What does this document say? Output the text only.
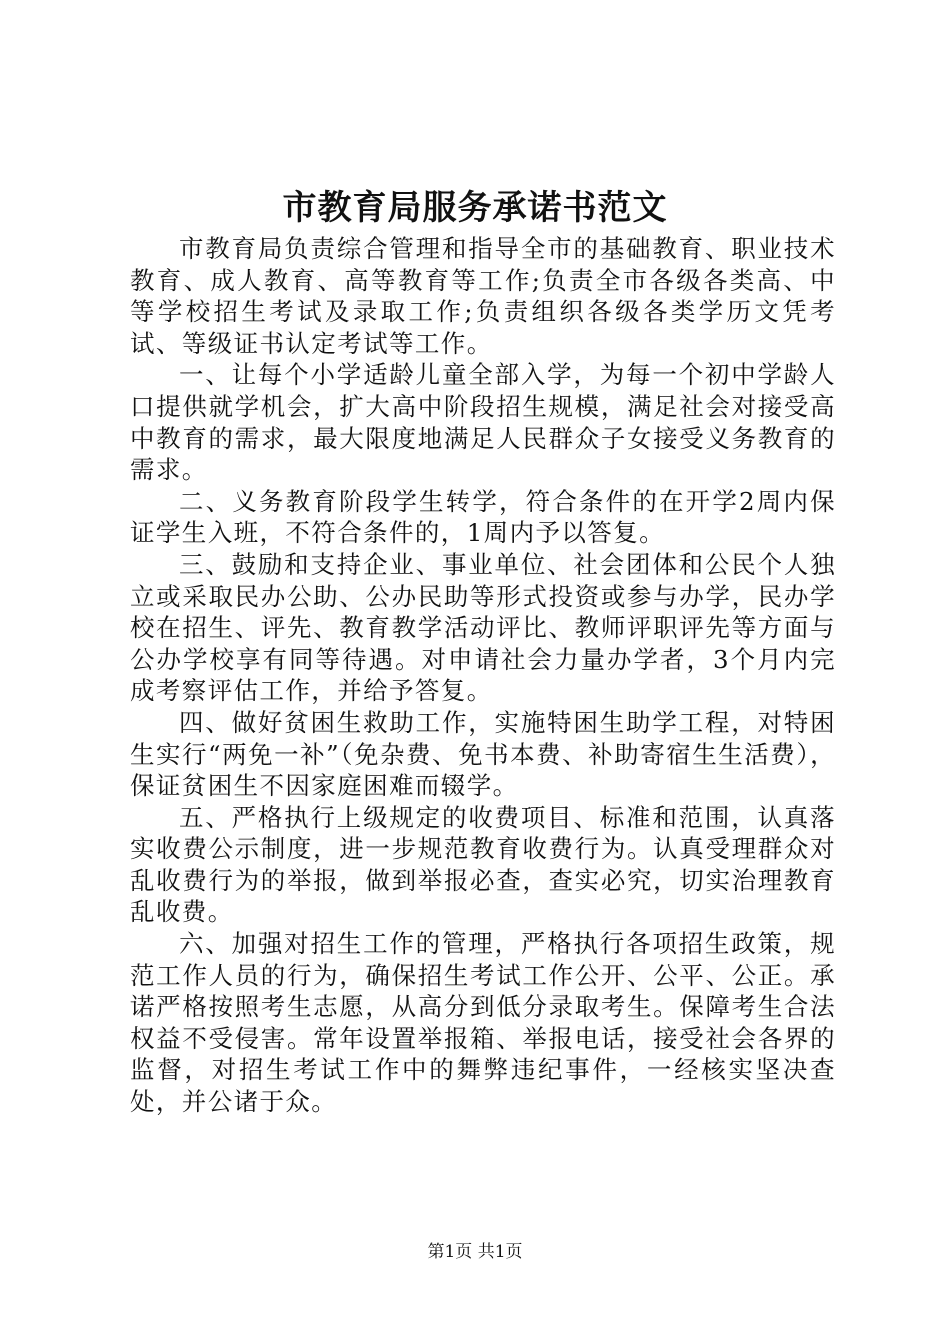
市教育局服务承诺书范文

市教育局负责综合管理和指导全市的基础教育、职业技术教育、成人教育、高等教育等工作;负责全市各级各类高、中等学校招生考试及录取工作;负责组织各级各类学历文凭考试、等级证书认定考试等工作。

一、让每个小学适龄儿童全部入学，为每一个初中学龄人口提供就学机会，扩大高中阶段招生规模，满足社会对接受高中教育的需求，最大限度地满足人民群众子女接受义务教育的需求。

二、义务教育阶段学生转学，符合条件的在开学2周内保证学生入班，不符合条件的，1周内予以答复。

三、鼓励和支持企业、事业单位、社会团体和公民个人独立或采取民办公助、公办民助等形式投资或参与办学，民办学校在招生、评先、教育教学活动评比、教师评职评先等方面与公办学校享有同等待遇。对申请社会力量办学者，3个月内完成考察评估工作，并给予答复。

四、做好贫困生救助工作，实施特困生助学工程，对特困生实行“两免一补”（免杂费、免书本费、补助寄宿生生活费），保证贫困生不因家庭困难而辍学。

五、严格执行上级规定的收费项目、标准和范围，认真落实收费公示制度，进一步规范教育收费行为。认真受理群众对乱收费行为的举报，做到举报必查，查实必究，切实治理教育乱收费。

六、加强对招生工作的管理，严格执行各项招生政策，规范工作人员的行为，确保招生考试工作公开、公平、公正。承诺严格按照考生志愿，从高分到低分录取考生。保障考生合法权益不受侵害。常年设置举报箱、举报电话，接受社会各界的监督，对招生考试工作中的舞弊违纪事件，一经核实坚决查处，并公诸于众。

第1页 共1页
